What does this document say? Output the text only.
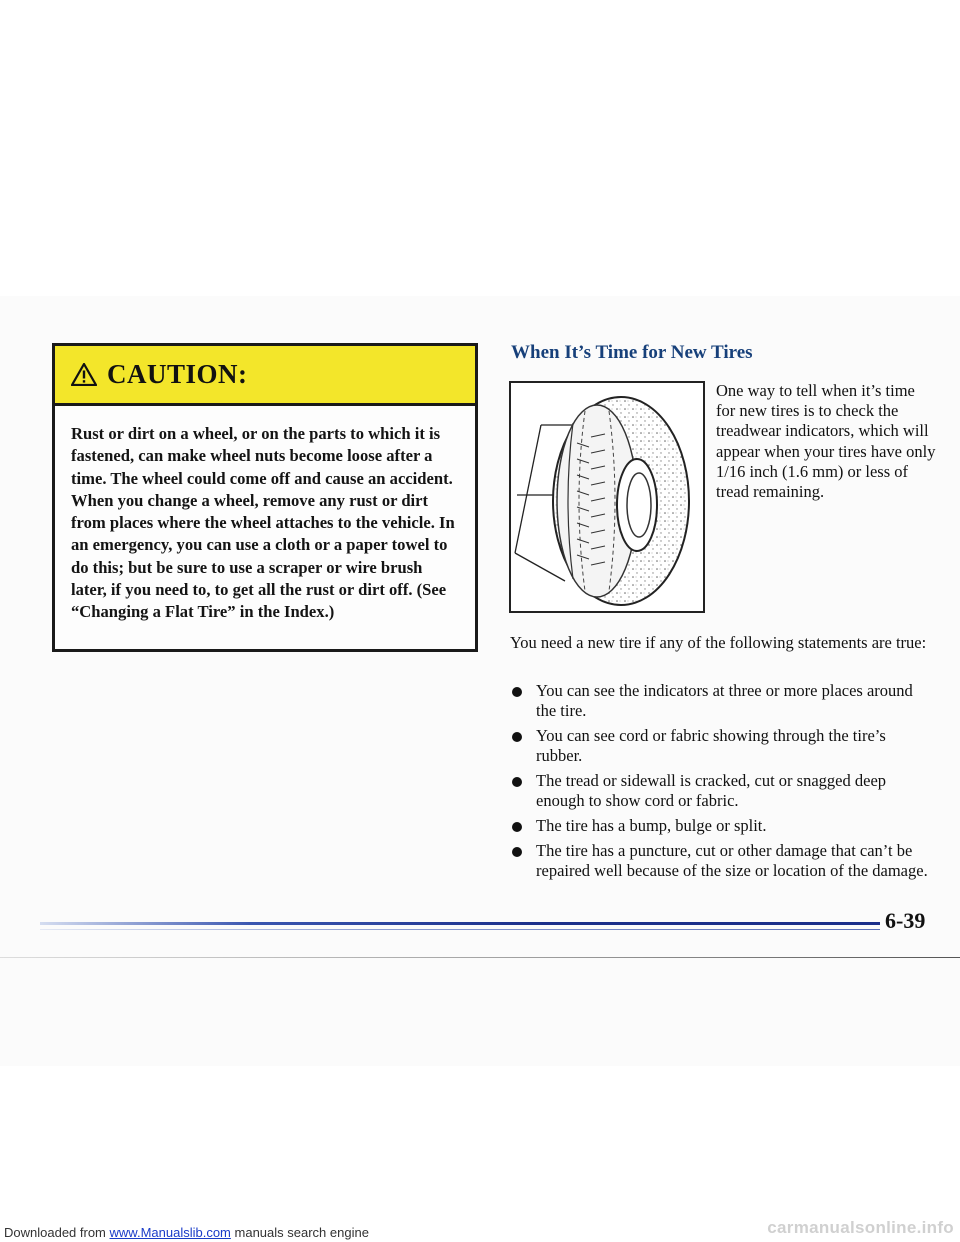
CAUTION:

Rust or dirt on a wheel, or on the parts to which it is fastened, can make wheel nuts become loose after a time. The wheel could come off and cause an accident. When you change a wheel, remove any rust or dirt from places where the wheel attaches to the vehicle. In an emergency, you can use a cloth or a paper towel to do this; but be sure to use a scraper or wire brush later, if you need to, to get all the rust or dirt off. (See “Changing a Flat Tire” in the Index.)

When It’s Time for New Tires

One way to tell when it’s time for new tires is to check the treadwear indicators, which will appear when your tires have only 1/16 inch (1.6 mm) or less of tread remaining.

You need a new tire if any of the following statements are true:

You can see the indicators at three or more places around the tire.
You can see cord or fabric showing through the tire’s rubber.
The tread or sidewall is cracked, cut or snagged deep enough to show cord or fabric.
The tire has a bump, bulge or split.
The tire has a puncture, cut or other damage that can’t be repaired well because of the size or location of the damage.
6-39
Downloaded from www.Manualslib.com manuals search engine	carmanualsonline.info
